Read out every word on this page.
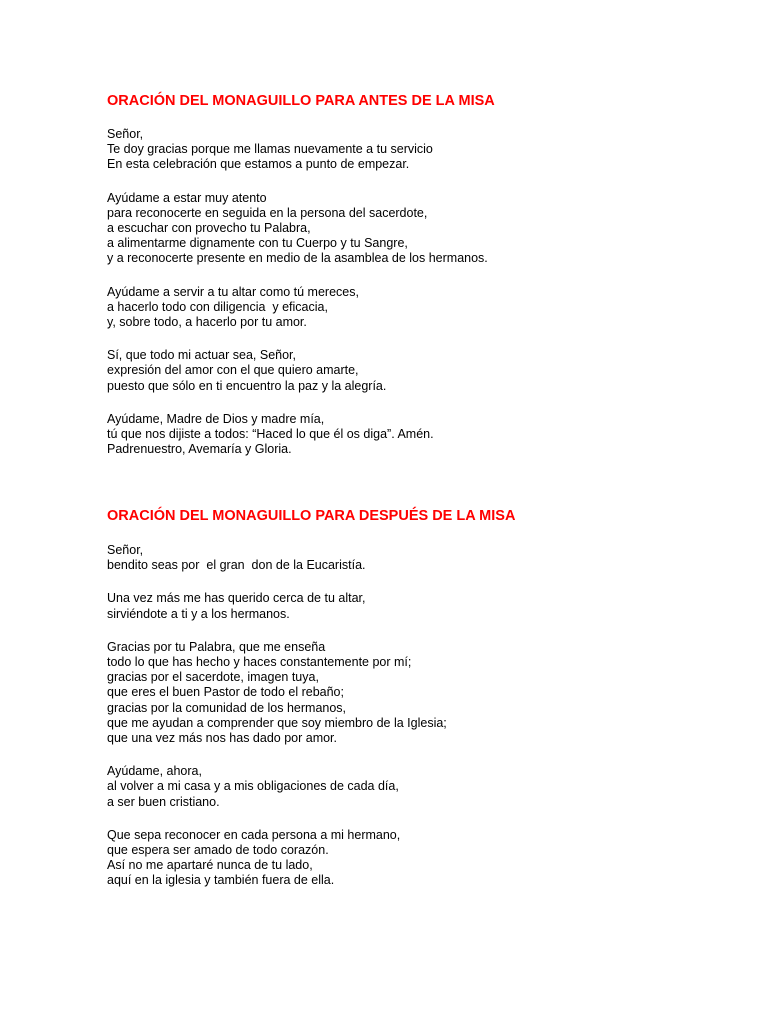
ORACIÓN DEL MONAGUILLO PARA ANTES DE LA MISA

Señor,
Te doy gracias porque me llamas nuevamente a tu servicio
En esta celebración que estamos a punto de empezar.

Ayúdame a estar muy atento
para reconocerte en seguida en la persona del sacerdote,
a escuchar con provecho tu Palabra,
a alimentarme dignamente con tu Cuerpo y tu Sangre,
y a reconocerte presente en medio de la asamblea de los hermanos.

Ayúdame a servir a tu altar como tú mereces,
a hacerlo todo con diligencia  y eficacia,
y, sobre todo, a hacerlo por tu amor.

Sí, que todo mi actuar sea, Señor,
expresión del amor con el que quiero amarte,
puesto que sólo en ti encuentro la paz y la alegría.

Ayúdame, Madre de Dios y madre mía,
tú que nos dijiste a todos: “Haced lo que él os diga”. Amén.
Padrenuestro, Avemaría y Gloria.

ORACIÓN DEL MONAGUILLO PARA DESPUÉS DE LA MISA

Señor,
bendito seas por  el gran  don de la Eucaristía.

Una vez más me has querido cerca de tu altar,
sirviéndote a ti y a los hermanos.

Gracias por tu Palabra, que me enseña
todo lo que has hecho y haces constantemente por mí;
gracias por el sacerdote, imagen tuya,
que eres el buen Pastor de todo el rebaño;
gracias por la comunidad de los hermanos,
que me ayudan a comprender que soy miembro de la Iglesia;
que una vez más nos has dado por amor.

Ayúdame, ahora,
al volver a mi casa y a mis obligaciones de cada día,
a ser buen cristiano.

Que sepa reconocer en cada persona a mi hermano,
que espera ser amado de todo corazón.
Así no me apartaré nunca de tu lado,
aquí en la iglesia y también fuera de ella.
